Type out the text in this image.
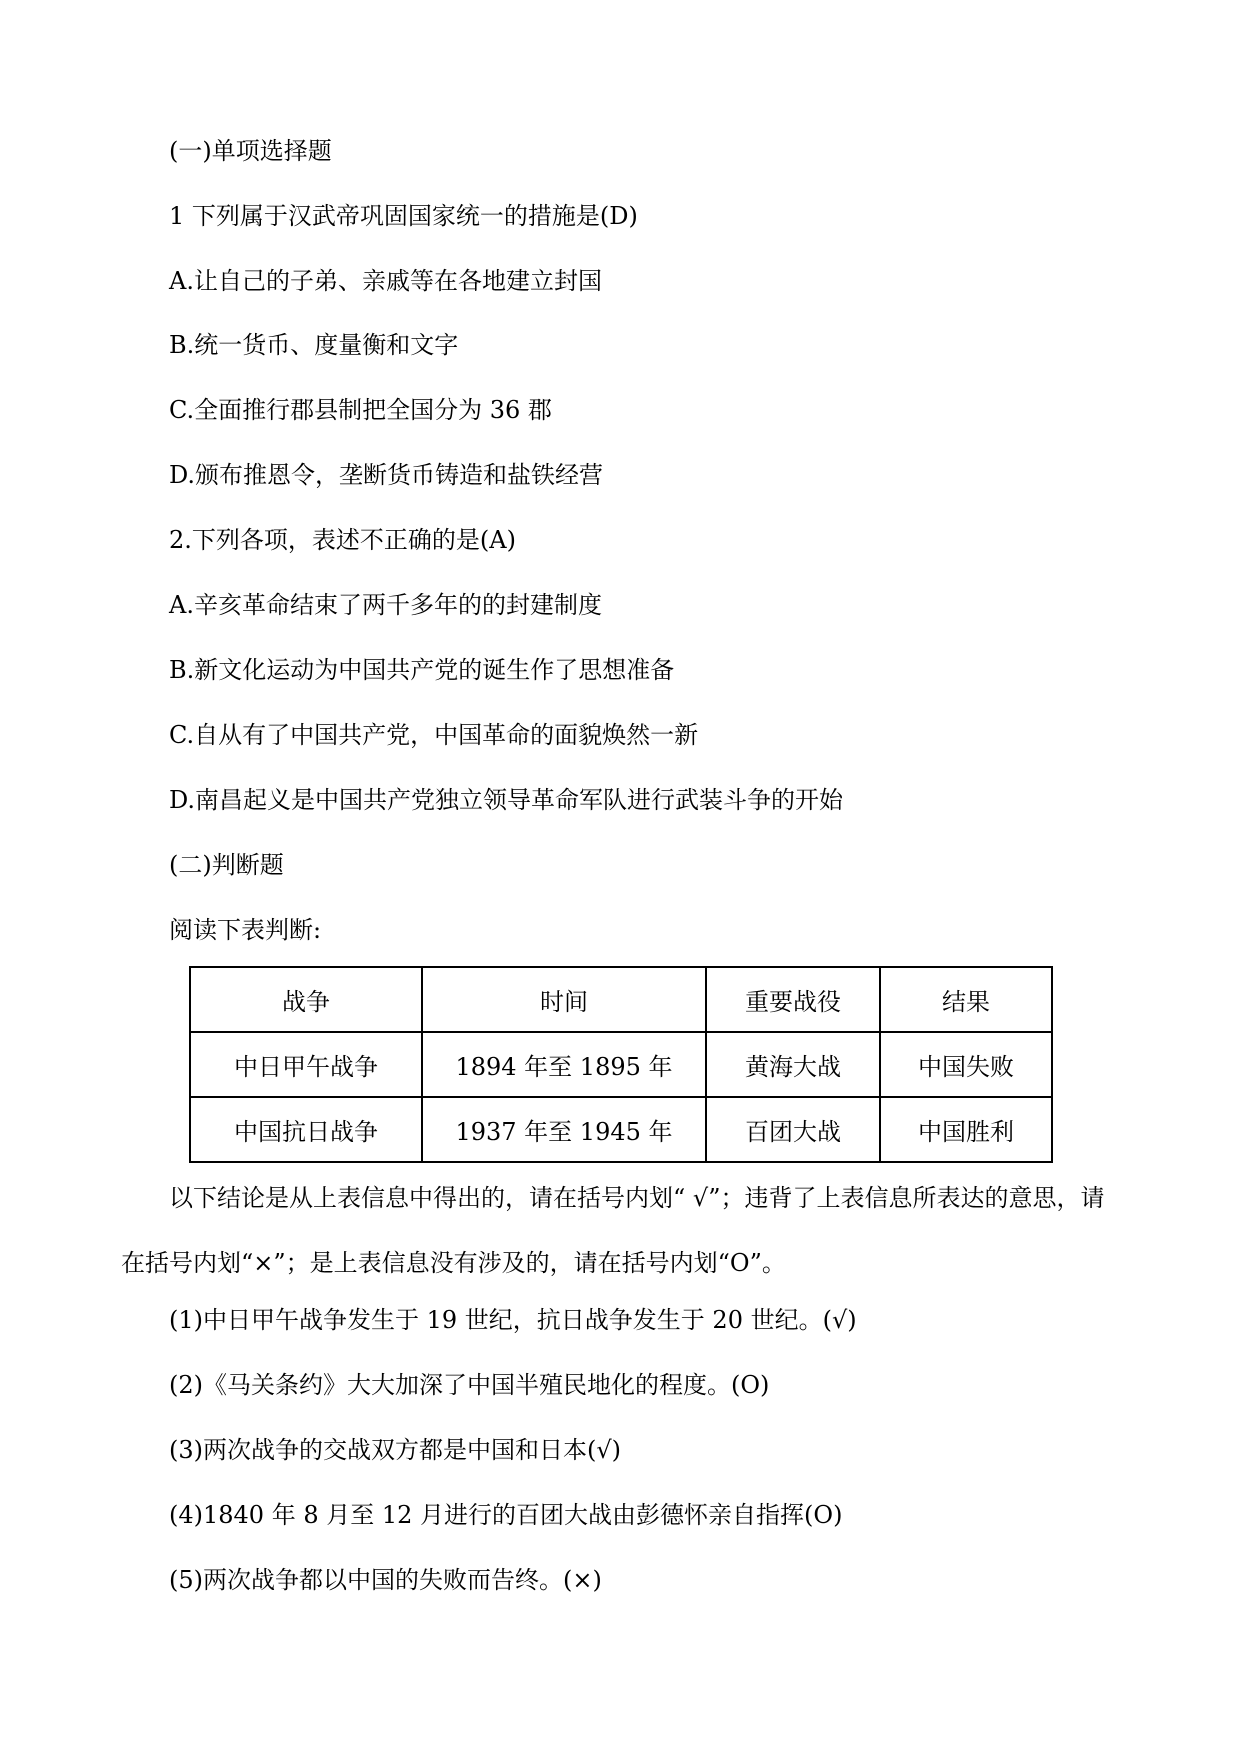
(一)单项选择题
1 下列属于汉武帝巩固国家统一的措施是(D)
A.让自己的子弟、亲戚等在各地建立封国
B.统一货币、度量衡和文字
C.全面推行郡县制把全国分为 36 郡
D.颁布推恩令，垄断货币铸造和盐铁经营
2.下列各项，表述不正确的是(A)
A.辛亥革命结束了两千多年的的封建制度
B.新文化运动为中国共产党的诞生作了思想准备
C.自从有了中国共产党，中国革命的面貌焕然一新
D.南昌起义是中国共产党独立领导革命军队进行武装斗争的开始
(二)判断题
阅读下表判断:
战争	时间	重要战役	结果
中日甲午战争	1894 年至 1895 年	黄海大战	中国失败
中国抗日战争	1937 年至 1945 年	百团大战	中国胜利
以下结论是从上表信息中得出的，请在括号内划“ √”；违背了上表信息所表达的意思，请在括号内划“×”；是上表信息没有涉及的，请在括号内划“O”。
(1)中日甲午战争发生于 19 世纪，抗日战争发生于 20 世纪。(√)
(2)《马关条约》大大加深了中国半殖民地化的程度。(O)
(3)两次战争的交战双方都是中国和日本(√)
(4)1840 年 8 月至 12 月进行的百团大战由彭德怀亲自指挥(O)
(5)两次战争都以中国的失败而告终。(×)
